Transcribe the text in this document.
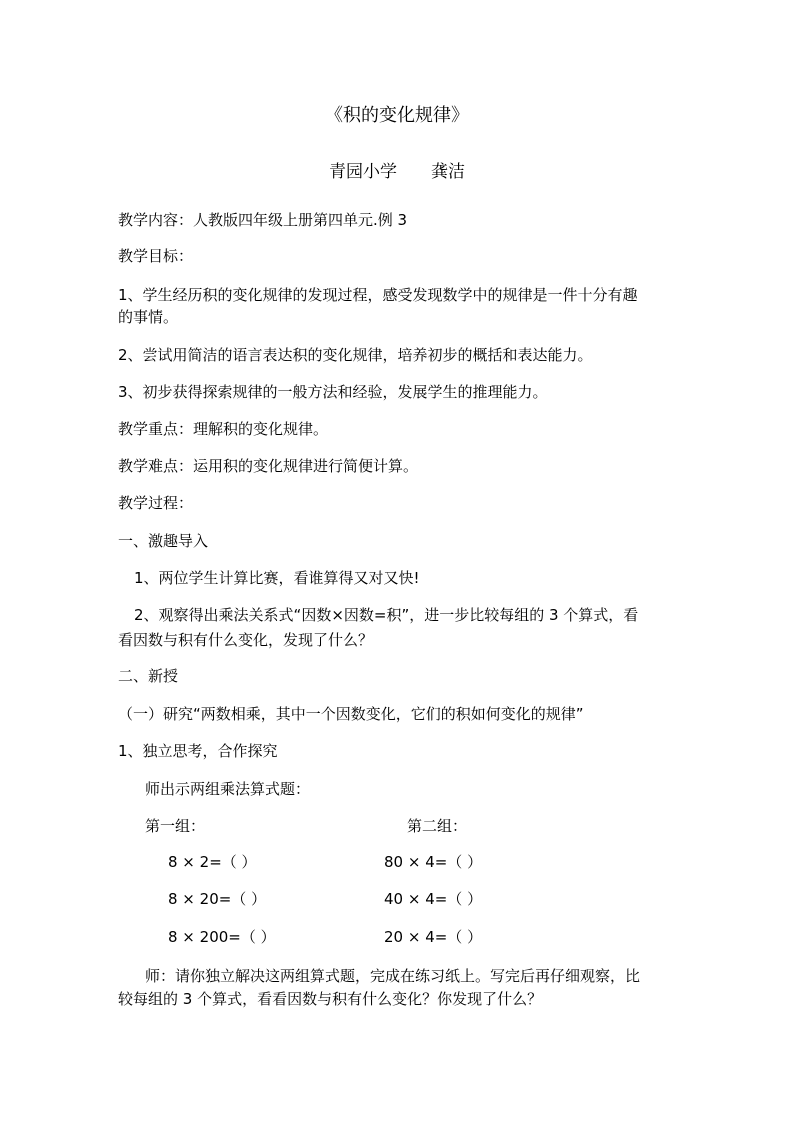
《积的变化规律》
青园小学 龚洁
教学内容：人教版四年级上册第四单元.例 3
教学目标：
1、学生经历积的变化规律的发现过程，感受发现数学中的规律是一件十分有趣
的事情。
2、尝试用简洁的语言表达积的变化规律，培养初步的概括和表达能力。
3、初步获得探索规律的一般方法和经验，发展学生的推理能力。
教学重点：理解积的变化规律。
教学难点：运用积的变化规律进行简便计算。
教学过程：
一、激趣导入
1、两位学生计算比赛，看谁算得又对又快!
2、观察得出乘法关系式“因数×因数=积”，进一步比较每组的 3 个算式，看
看因数与积有什么变化，发现了什么？
二、新授
（一）研究“两数相乘，其中一个因数变化，它们的积如何变化的规律”
1、独立思考，合作探究
师出示两组乘法算式题：
第一组：	第二组：
8 × 2=（ ）
8 × 20=（ ）
8 × 200=（ ）
80 × 4=（ ）
40 × 4=（ ）
20 × 4=（ ）
师：请你独立解决这两组算式题，完成在练习纸上。写完后再仔细观察，比
较每组的 3 个算式，看看因数与积有什么变化？你发现了什么？
